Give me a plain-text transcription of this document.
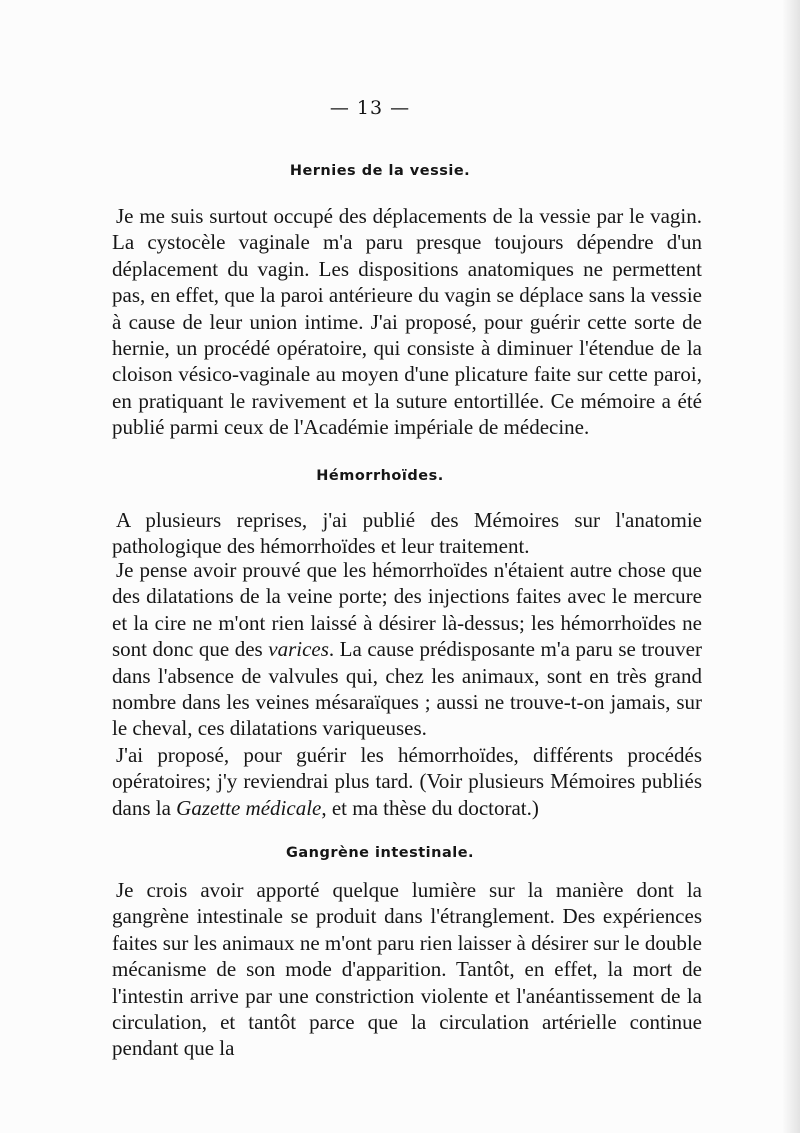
— 13 —
Hernies de la vessie.

Je me suis surtout occupé des déplacements de la vessie par le vagin. La cystocèle vaginale m'a paru presque toujours dépendre d'un déplacement du vagin. Les dispositions anatomiques ne permettent pas, en effet, que la paroi antérieure du vagin se déplace sans la vessie à cause de leur union intime. J'ai proposé, pour guérir cette sorte de hernie, un procédé opératoire, qui consiste à diminuer l'étendue de la cloison vésico-vaginale au moyen d'une plicature faite sur cette paroi, en pratiquant le ravivement et la suture entortillée. Ce mémoire a été publié parmi ceux de l'Académie impériale de médecine.

Hémorrhoïdes.

A plusieurs reprises, j'ai publié des Mémoires sur l'anatomie pathologique des hémorrhoïdes et leur traitement.

Je pense avoir prouvé que les hémorrhoïdes n'étaient autre chose que des dilatations de la veine porte; des injections faites avec le mercure et la cire ne m'ont rien laissé à désirer là-dessus; les hémorrhoïdes ne sont donc que des varices. La cause prédisposante m'a paru se trouver dans l'absence de valvules qui, chez les animaux, sont en très grand nombre dans les veines mésaraïques ; aussi ne trouve-t-on jamais, sur le cheval, ces dilatations variqueuses.

J'ai proposé, pour guérir les hémorrhoïdes, différents procédés opératoires; j'y reviendrai plus tard. (Voir plusieurs Mémoires publiés dans la Gazette médicale, et ma thèse du doctorat.)

Gangrène intestinale.

Je crois avoir apporté quelque lumière sur la manière dont la gangrène intestinale se produit dans l'étranglement. Des expériences faites sur les animaux ne m'ont paru rien laisser à désirer sur le double mécanisme de son mode d'apparition. Tantôt, en effet, la mort de l'intestin arrive par une constriction violente et l'anéantissement de la circulation, et tantôt parce que la circulation artérielle continue pendant que la
